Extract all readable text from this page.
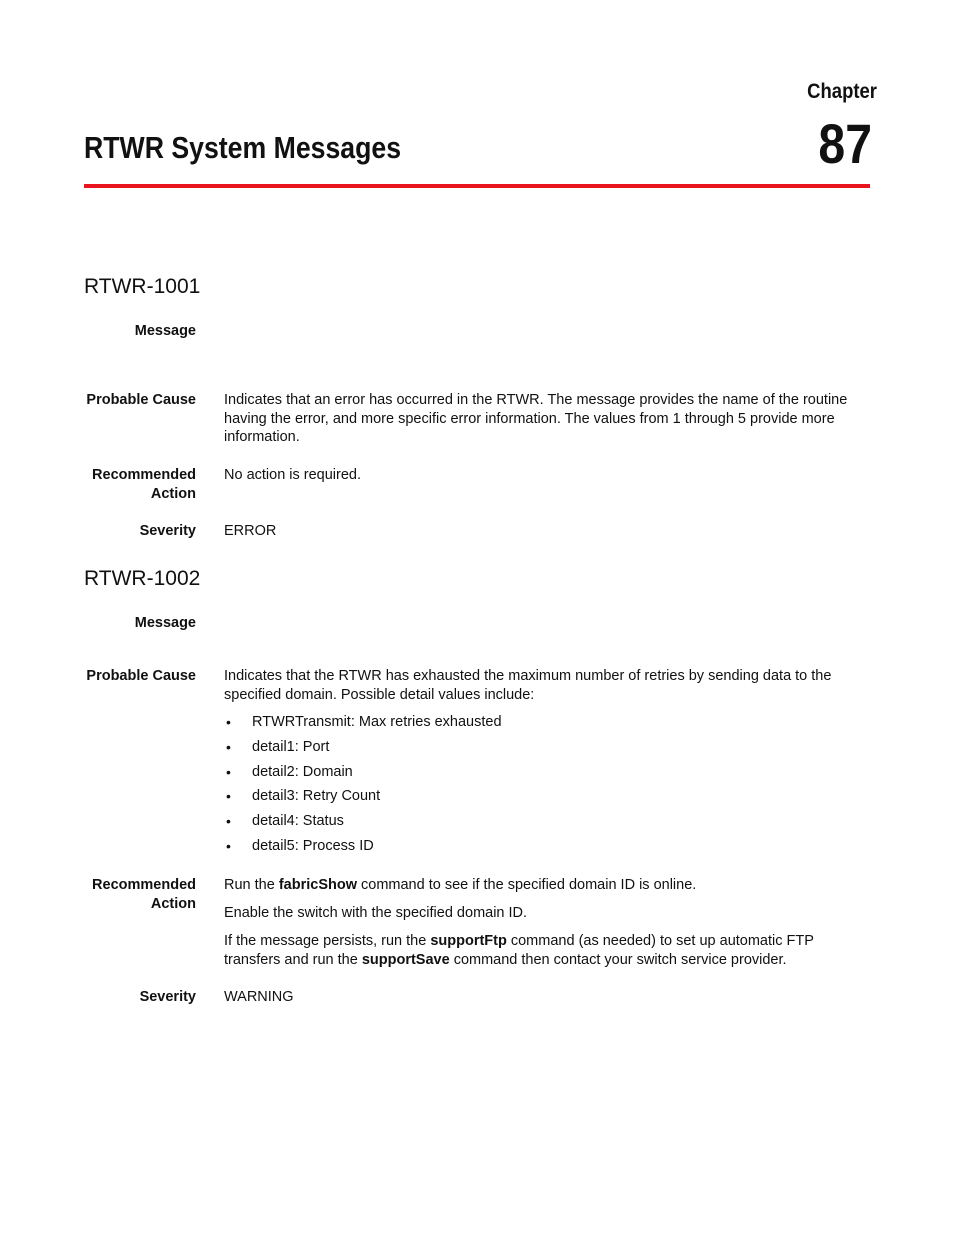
Chapter
87
RTWR System Messages
RTWR-1001
Message
Probable Cause Indicates that an error has occurred in the RTWR. The message provides the name of the routine having the error, and more specific error information. The values from 1 through 5 provide more information.

Recommended
Action
No action is required.
Severity ERROR
RTWR-1002
Message
Probable Cause Indicates that the RTWR has exhausted the maximum number of retries by sending data to the specified domain. Possible detail values include:

• RTWRTransmit: Max retries exhausted
• detail1: Port
• detail2: Domain
• detail3: Retry Count
• detail4: Status
• detail5: Process ID
Recommended
Action

Run the fabricShow command to see if the specified domain ID is online.

Enable the switch with the specified domain ID.

If the message persists, run the supportFtp command (as needed) to set up automatic FTP transfers and run the supportSave command then contact your switch service provider.

Severity WARNING
